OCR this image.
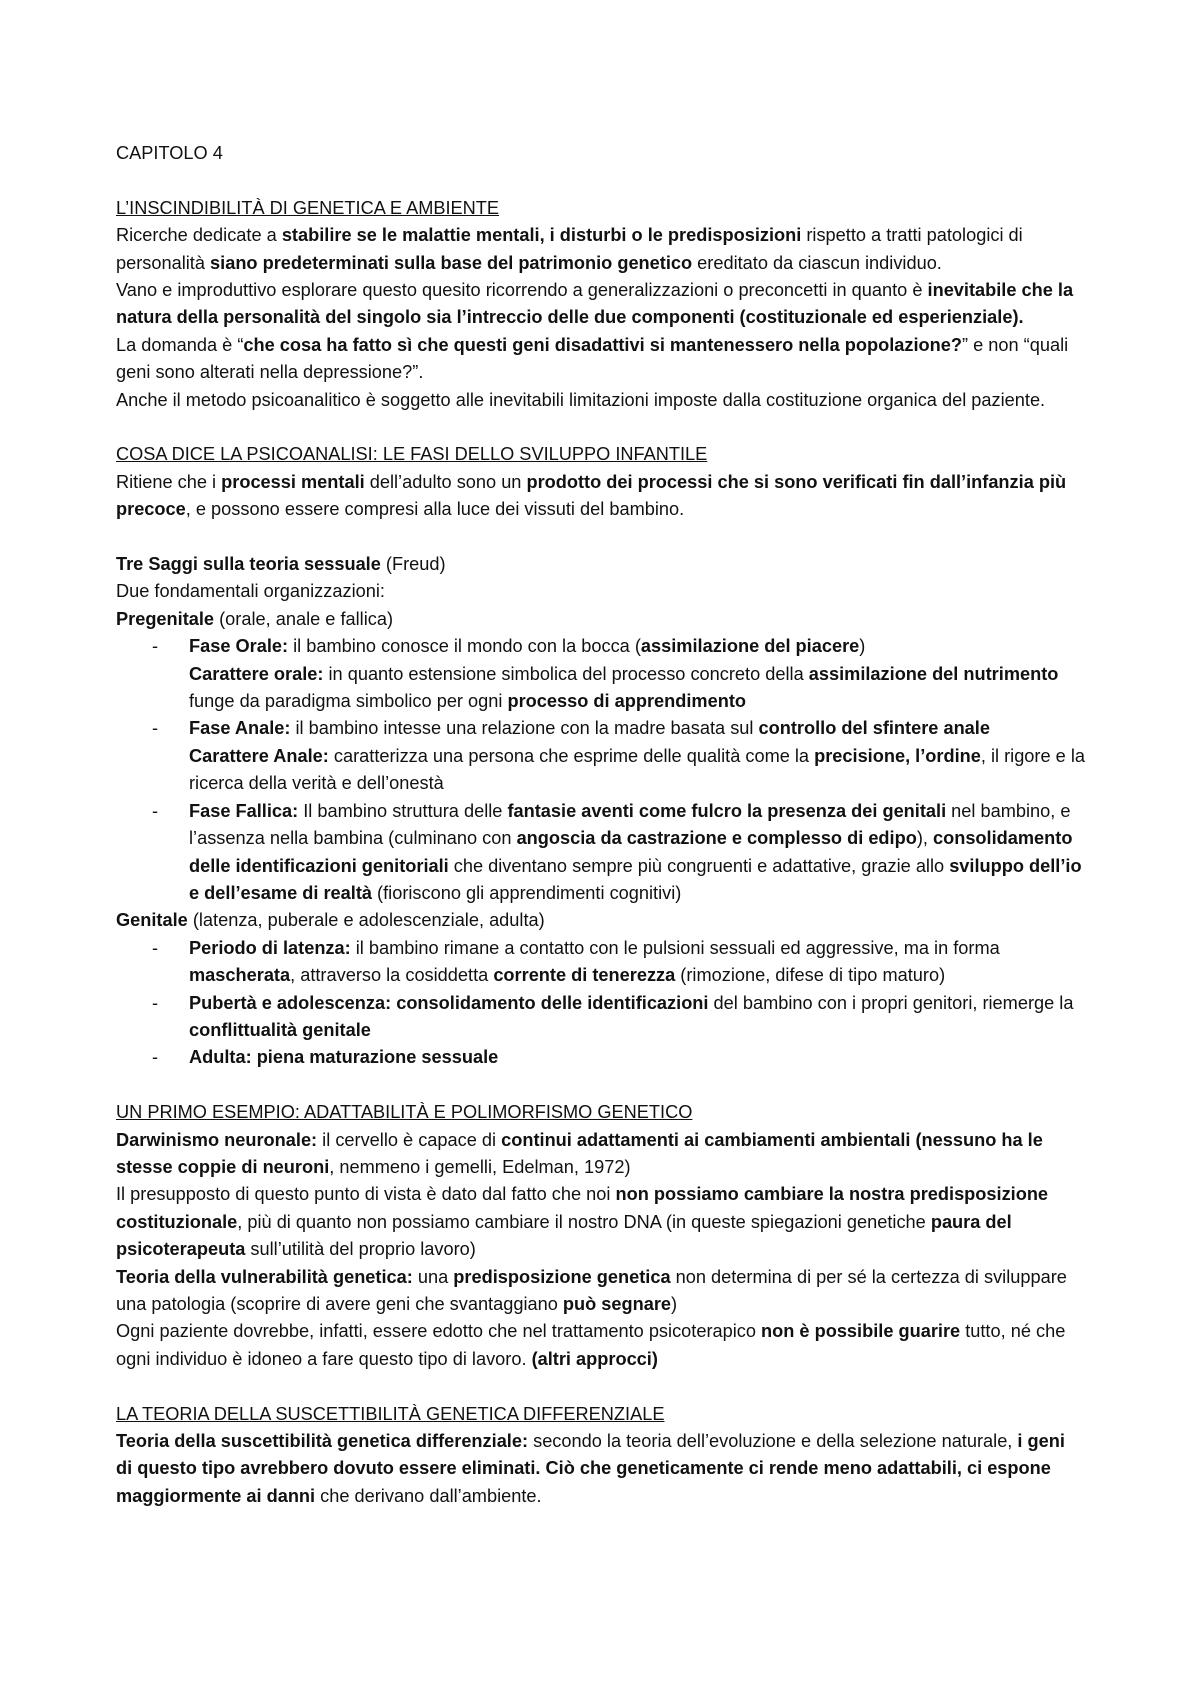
CAPITOLO 4

L’INSCINDIBILITÀ DI GENETICA E AMBIENTE

Ricerche dedicate a stabilire se le malattie mentali, i disturbi o le predisposizioni rispetto a tratti patologici di personalità siano predeterminati sulla base del patrimonio genetico ereditato da ciascun individuo.

Vano e improduttivo esplorare questo quesito ricorrendo a generalizzazioni o preconcetti in quanto è inevitabile che la natura della personalità del singolo sia l’intreccio delle due componenti (costituzionale ed esperienziale).

La domanda è “che cosa ha fatto sì che questi geni disadattivi si mantenessero nella popolazione?” e non “quali geni sono alterati nella depressione?”.

Anche il metodo psicoanalitico è soggetto alle inevitabili limitazioni imposte dalla costituzione organica del paziente.

COSA DICE LA PSICOANALISI: LE FASI DELLO SVILUPPO INFANTILE

Ritiene che i processi mentali dell’adulto sono un prodotto dei processi che si sono verificati fin dall’infanzia più precoce, e possono essere compresi alla luce dei vissuti del bambino.

Tre Saggi sulla teoria sessuale (Freud)

Due fondamentali organizzazioni:

Pregenitale (orale, anale e fallica)

- Fase Orale: il bambino conosce il mondo con la bocca (assimilazione del piacere)
Carattere orale: in quanto estensione simbolica del processo concreto della assimilazione del nutrimento funge da paradigma simbolico per ogni processo di apprendimento
- Fase Anale: il bambino intesse una relazione con la madre basata sul controllo del sfintere anale
Carattere Anale: caratterizza una persona che esprime delle qualità come la precisione, l’ordine, il rigore e la ricerca della verità e dell’onestà
- Fase Fallica: Il bambino struttura delle fantasie aventi come fulcro la presenza dei genitali nel bambino, e l’assenza nella bambina (culminano con angoscia da castrazione e complesso di edipo), consolidamento delle identificazioni genitoriali che diventano sempre più congruenti e adattative, grazie allo sviluppo dell’io e dell’esame di realtà (fioriscono gli apprendimenti cognitivi)

Genitale (latenza, puberale e adolescenziale, adulta)

- Periodo di latenza: il bambino rimane a contatto con le pulsioni sessuali ed aggressive, ma in forma mascherata, attraverso la cosiddetta corrente di tenerezza (rimozione, difese di tipo maturo)
- Pubertà e adolescenza: consolidamento delle identificazioni del bambino con i propri genitori, riemerge la conflittualità genitale
- Adulta: piena maturazione sessuale

UN PRIMO ESEMPIO: ADATTABILITÀ E POLIMORFISMO GENETICO

Darwinismo neuronale: il cervello è capace di continui adattamenti ai cambiamenti ambientali (nessuno ha le stesse coppie di neuroni, nemmeno i gemelli, Edelman, 1972)

Il presupposto di questo punto di vista è dato dal fatto che noi non possiamo cambiare la nostra predisposizione costituzionale, più di quanto non possiamo cambiare il nostro DNA (in queste spiegazioni genetiche paura del psicoterapeuta sull’utilità del proprio lavoro)

Teoria della vulnerabilità genetica: una predisposizione genetica non determina di per sé la certezza di sviluppare una patologia (scoprire di avere geni che svantaggiano può segnare)

Ogni paziente dovrebbe, infatti, essere edotto che nel trattamento psicoterapico non è possibile guarire tutto, né che ogni individuo è idoneo a fare questo tipo di lavoro. (altri approcci)

LA TEORIA DELLA SUSCETTIBILITÀ GENETICA DIFFERENZIALE

Teoria della suscettibilità genetica differenziale: secondo la teoria dell’evoluzione e della selezione naturale, i geni di questo tipo avrebbero dovuto essere eliminati. Ciò che geneticamente ci rende meno adattabili, ci espone maggiormente ai danni che derivano dall’ambiente.
